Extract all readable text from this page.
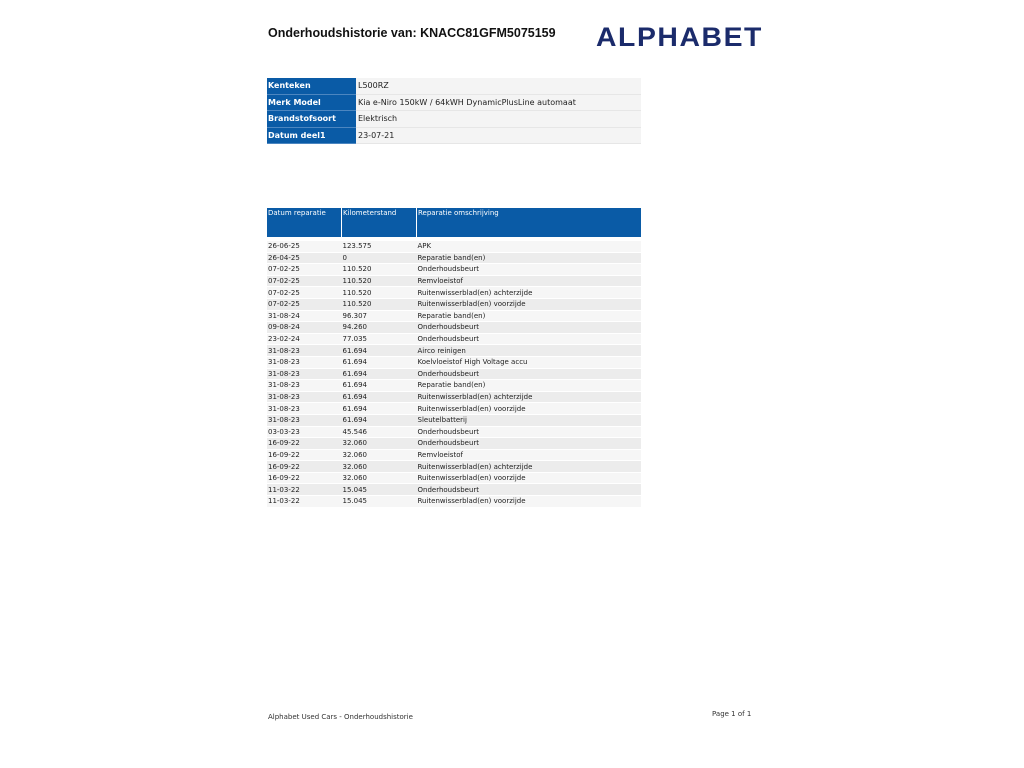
Onderhoudshistorie van: KNACC81GFM5075159 ALPHABET
Kenteken	L500RZ
Merk Model	Kia e-Niro 150kW / 64kWH DynamicPlusLine automaat
Brandstofsoort	Elektrisch
Datum deel1	23-07-21
Datum reparatie	Kilometerstand	Reparatie omschrijving

26-06-25	123.575	APK
26-04-25	0	Reparatie band(en)
07-02-25	110.520	Onderhoudsbeurt
07-02-25	110.520	Remvloeistof
07-02-25	110.520	Ruitenwisserblad(en) achterzijde
07-02-25	110.520	Ruitenwisserblad(en) voorzijde
31-08-24	96.307	Reparatie band(en)
09-08-24	94.260	Onderhoudsbeurt
23-02-24	77.035	Onderhoudsbeurt
31-08-23	61.694	Airco reinigen
31-08-23	61.694	Koelvloeistof High Voltage accu
31-08-23	61.694	Onderhoudsbeurt
31-08-23	61.694	Reparatie band(en)
31-08-23	61.694	Ruitenwisserblad(en) achterzijde
31-08-23	61.694	Ruitenwisserblad(en) voorzijde
31-08-23	61.694	Sleutelbatterij
03-03-23	45.546	Onderhoudsbeurt
16-09-22	32.060	Onderhoudsbeurt
16-09-22	32.060	Remvloeistof
16-09-22	32.060	Ruitenwisserblad(en) achterzijde
16-09-22	32.060	Ruitenwisserblad(en) voorzijde
11-03-22	15.045	Onderhoudsbeurt
11-03-22	15.045	Ruitenwisserblad(en) voorzijde
Alphabet Used Cars - Onderhoudshistorie	Page 1 of 1
